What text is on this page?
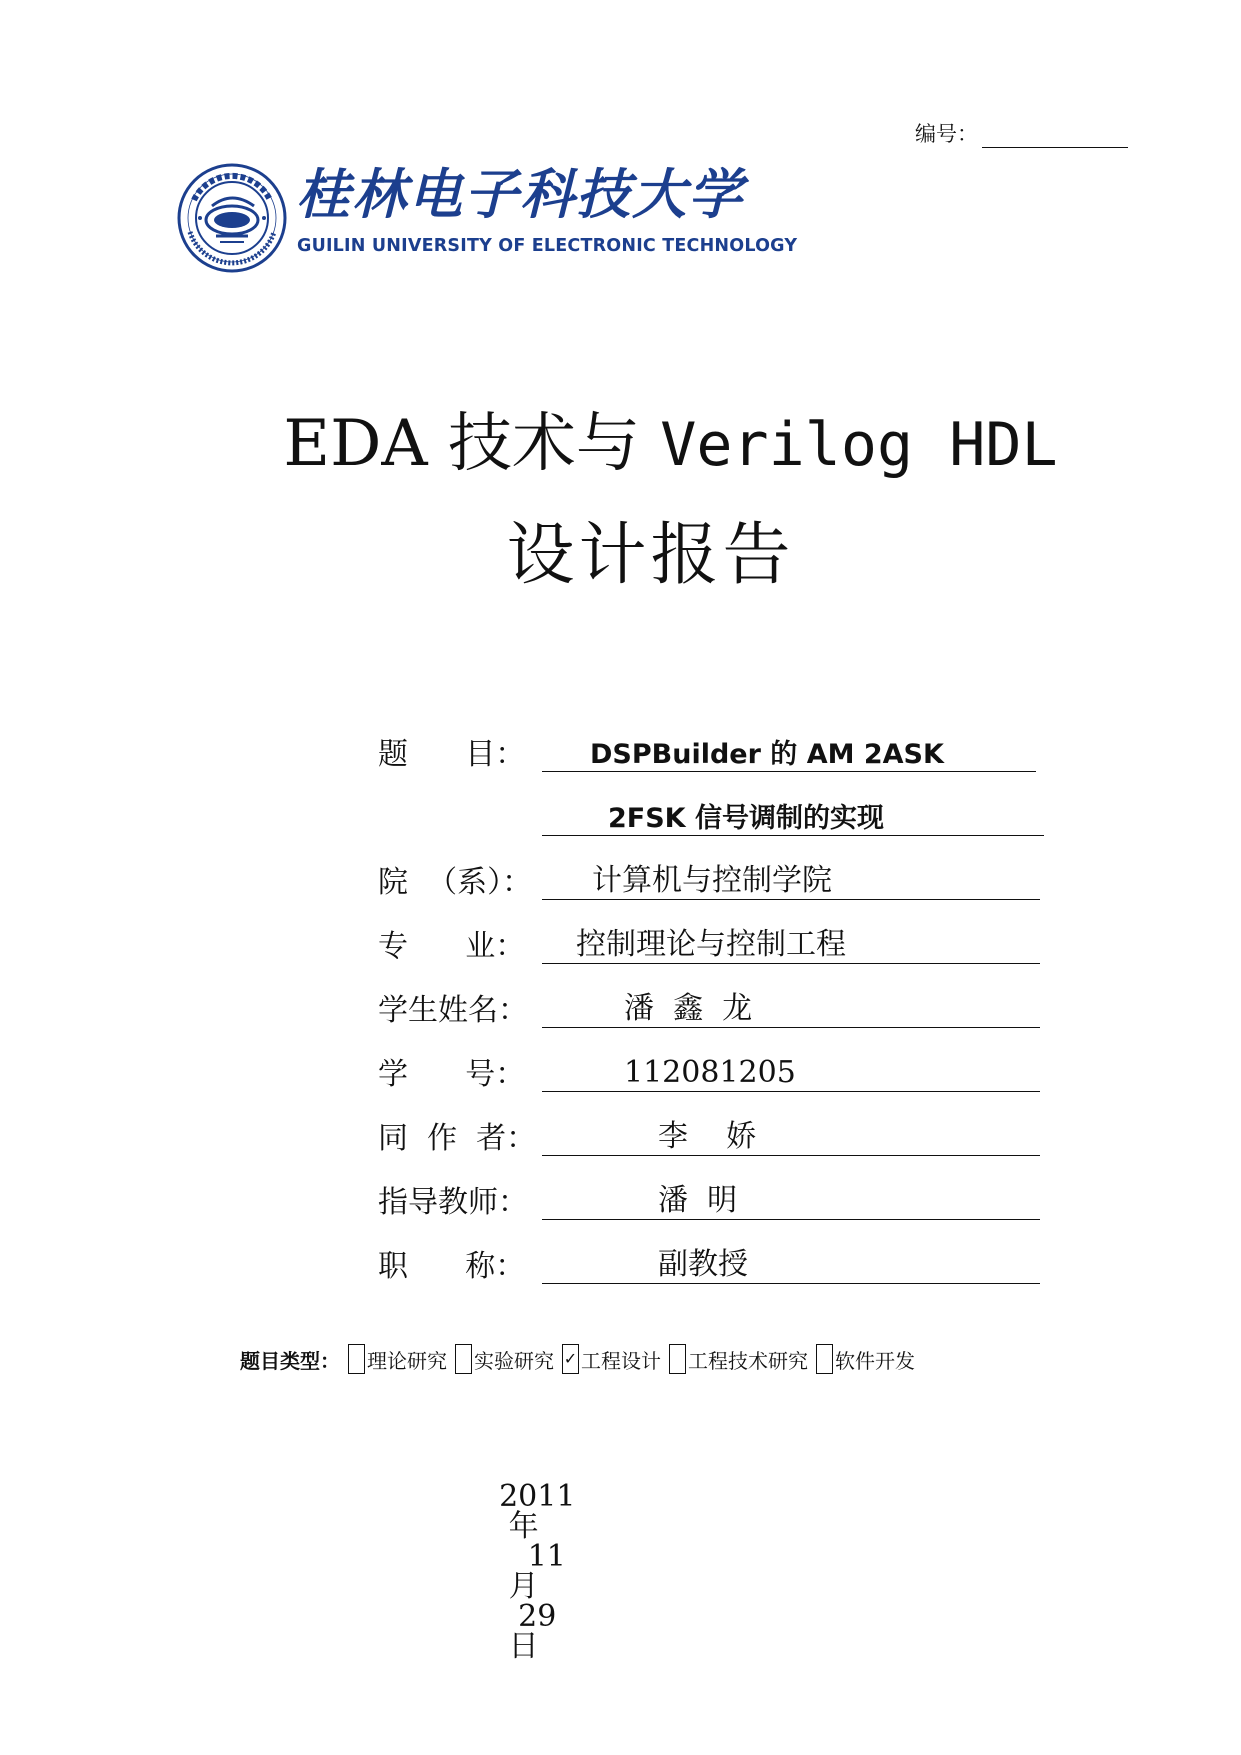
编号：
桂林电子科技大学
GUILIN UNIVERSITY OF ELECTRONIC TECHNOLOGY
EDA 技术与 Verilog HDL
设计报告
题      目： DSPBuilder 的 AM 2ASK
2FSK 信号调制的实现
院  （系）： 计算机与控制学院
专      业： 控制理论与控制工程
学生姓名：	潘  鑫  龙
学      号：	112081205
同  作  者：	李    娇
指导教师：	潘  明
职      称：	副教授
题目类型： 理论研究 实验研究 ✓ 工程设计 工程技术研究 软件开发

2011
年
11
月
29
日
